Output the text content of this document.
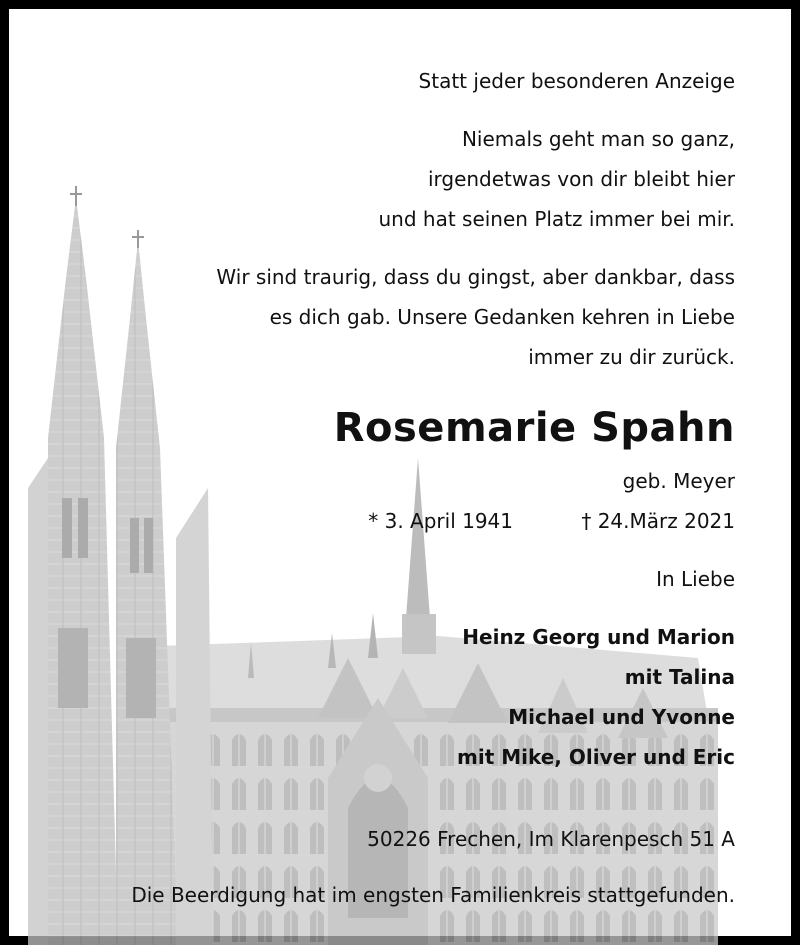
Statt jeder besonderen Anzeige

Niemals geht man so ganz,

irgendetwas von dir bleibt hier

und hat seinen Platz immer bei mir.

Wir sind traurig, dass du gingst, aber dankbar, dass

es dich gab. Unsere Gedanken kehren in Liebe

immer zu dir zurück.

Rosemarie Spahn

geb. Meyer

* 3. April 1941	† 24.März 2021

In Liebe

Heinz Georg und Marion

mit Talina

Michael und Yvonne

mit Mike, Oliver und Eric

50226 Frechen, Im Klarenpesch 51 A

Die Beerdigung hat im engsten Familienkreis stattgefunden.
